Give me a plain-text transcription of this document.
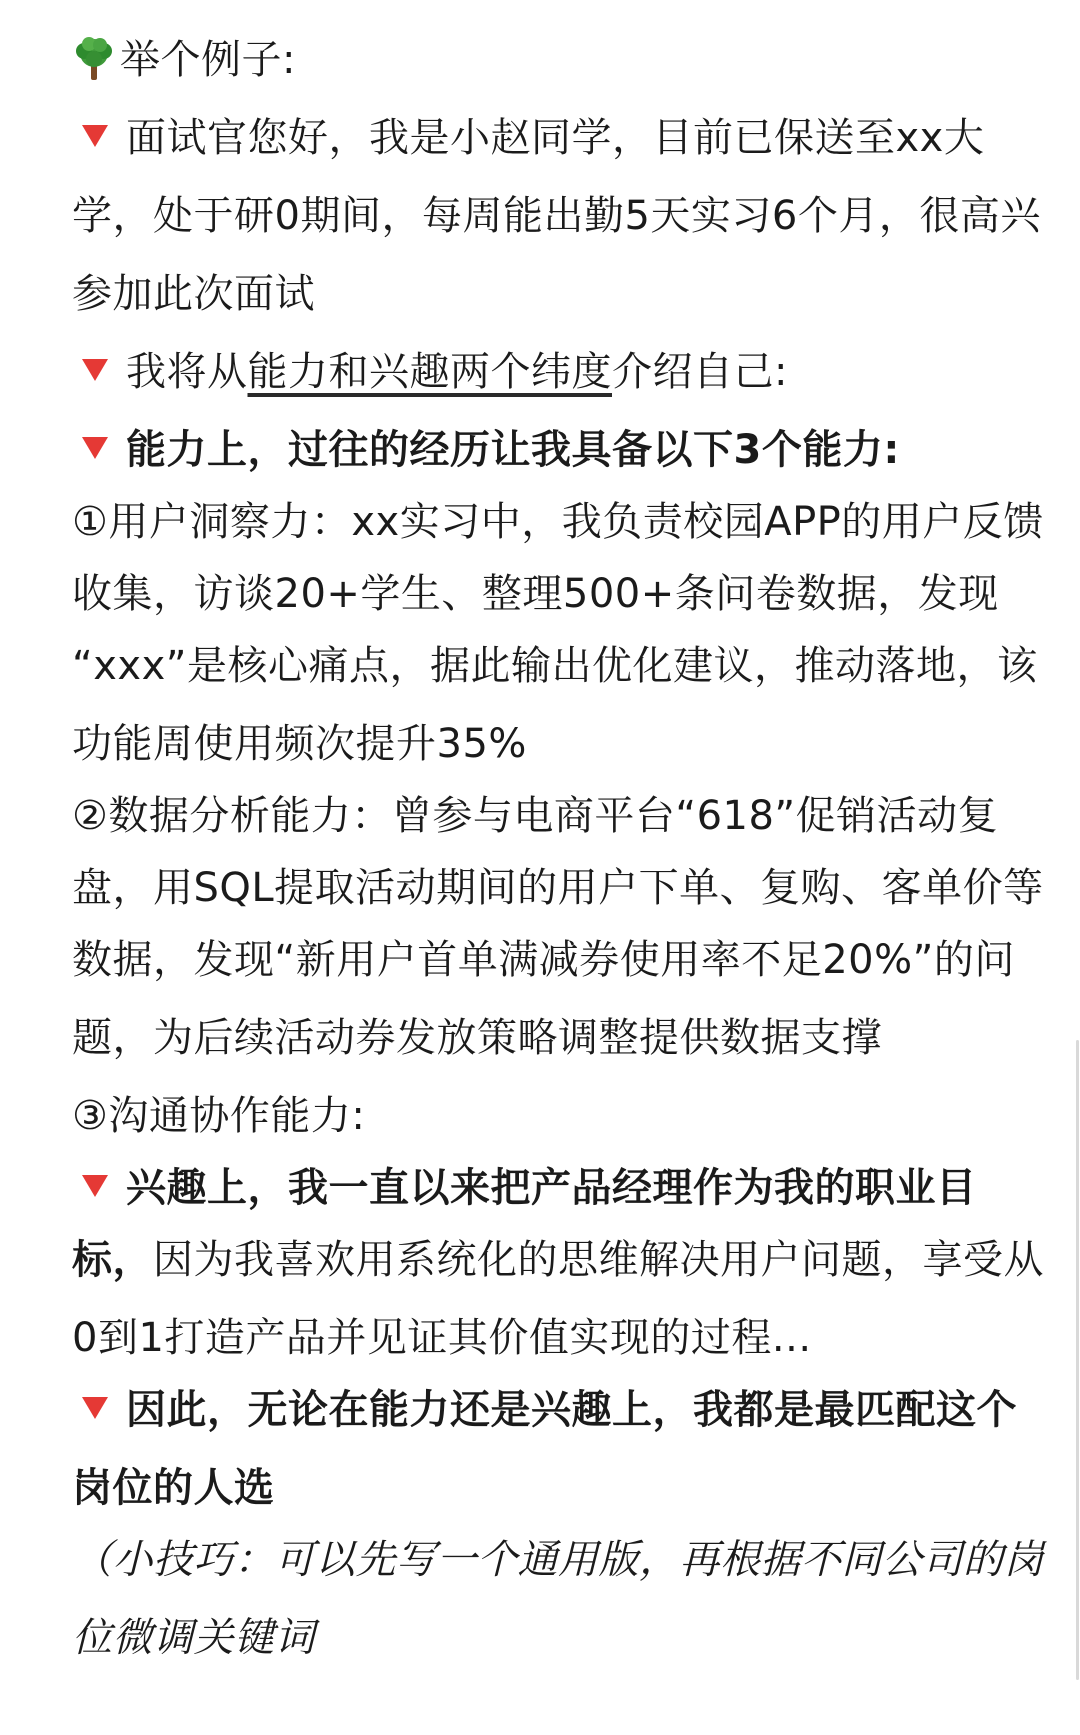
举个例子:
面试官您好，我是小赵同学，目前已保送至xx大
学，处于研0期间，每周能出勤5天实习6个月，很高兴
参加此次面试
我将从能力和兴趣两个纬度介绍自己:
能力上，过往的经历让我具备以下3个能力:
①用户洞察力：xx实习中，我负责校园APP的用户反馈
收集，访谈20+学生、整理500+条问卷数据，发现
“xxx”是核心痛点，据此输出优化建议，推动落地，该
功能周使用频次提升35%
②数据分析能力：曾参与电商平台“618”促销活动复
盘，用SQL提取活动期间的用户下单、复购、客单价等
数据，发现“新用户首单满减券使用率不足20%”的问
题，为后续活动券发放策略调整提供数据支撑
③沟通协作能力:
兴趣上，我一直以来把产品经理作为我的职业目
标，因为我喜欢用系统化的思维解决用户问题，享受从
0到1打造产品并见证其价值实现的过程...
因此，无论在能力还是兴趣上，我都是最匹配这个
岗位的人选
（小技巧：可以先写一个通用版，再根据不同公司的岗
位微调关键词
